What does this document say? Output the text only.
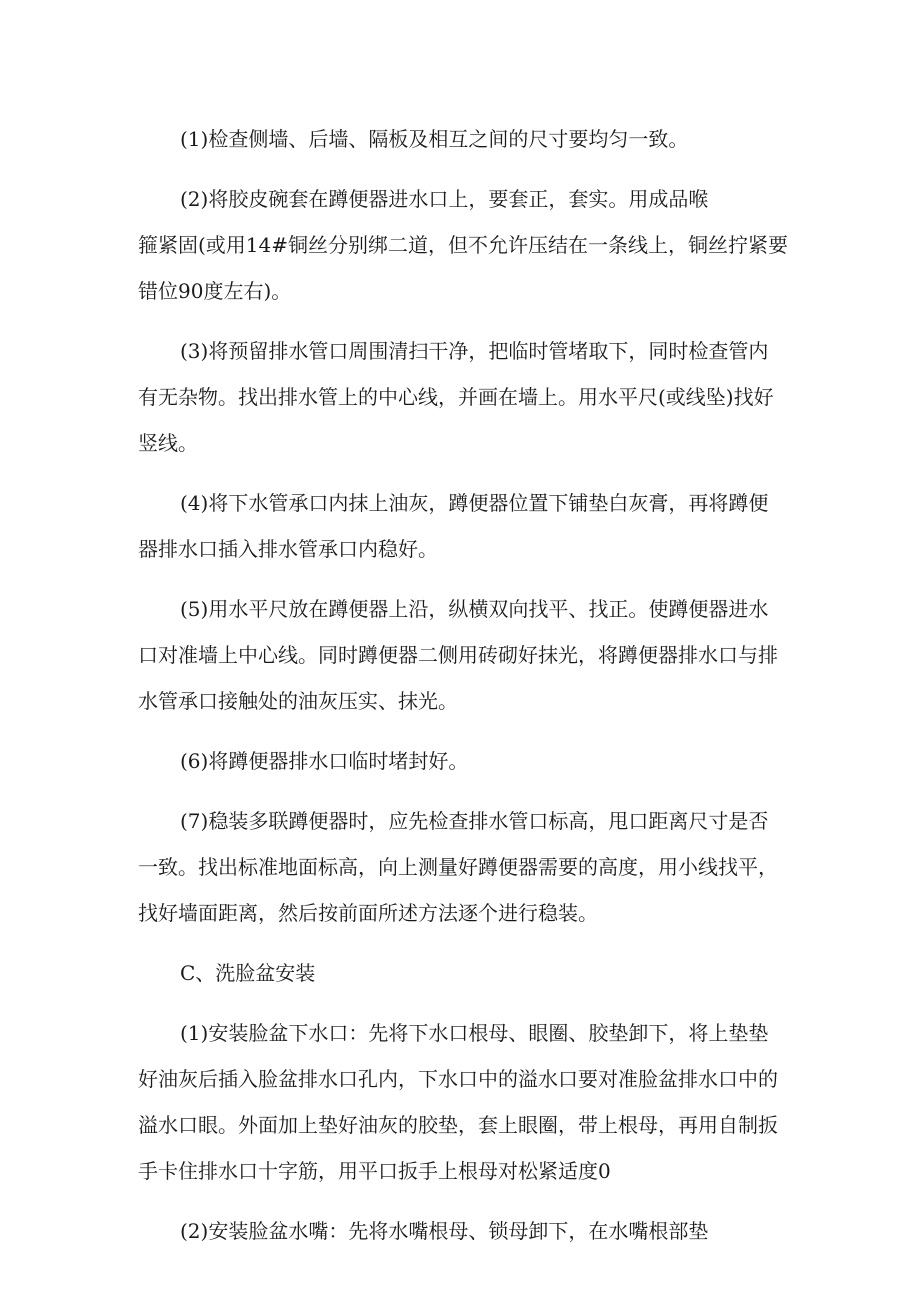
(1)检查侧墙、后墙、隔板及相互之间的尺寸要均匀一致。
(2)将胶皮碗套在蹲便器进水口上，要套正，套实。用成品喉
箍紧固(或用14#铜丝分别绑二道，但不允许压结在一条线上，铜丝拧紧要
错位90度左右)。
(3)将预留排水管口周围清扫干净，把临时管堵取下，同时检查管内
有无杂物。找出排水管上的中心线，并画在墙上。用水平尺(或线坠)找好
竖线。
(4)将下水管承口内抹上油灰，蹲便器位置下铺垫白灰膏，再将蹲便
器排水口插入排水管承口内稳好。
(5)用水平尺放在蹲便器上沿，纵横双向找平、找正。使蹲便器进水
口对准墙上中心线。同时蹲便器二侧用砖砌好抹光，将蹲便器排水口与排
水管承口接触处的油灰压实、抹光。
(6)将蹲便器排水口临时堵封好。
(7)稳装多联蹲便器时，应先检查排水管口标高，甩口距离尺寸是否
一致。找出标准地面标高，向上测量好蹲便器需要的高度，用小线找平，
找好墙面距离，然后按前面所述方法逐个进行稳装。
C、洗脸盆安装
(1)安装脸盆下水口：先将下水口根母、眼圈、胶垫卸下，将上垫垫
好油灰后插入脸盆排水口孔内，下水口中的溢水口要对准脸盆排水口中的
溢水口眼。外面加上垫好油灰的胶垫，套上眼圈，带上根母，再用自制扳
手卡住排水口十字筋，用平口扳手上根母对松紧适度0
(2)安装脸盆水嘴：先将水嘴根母、锁母卸下，在水嘴根部垫
